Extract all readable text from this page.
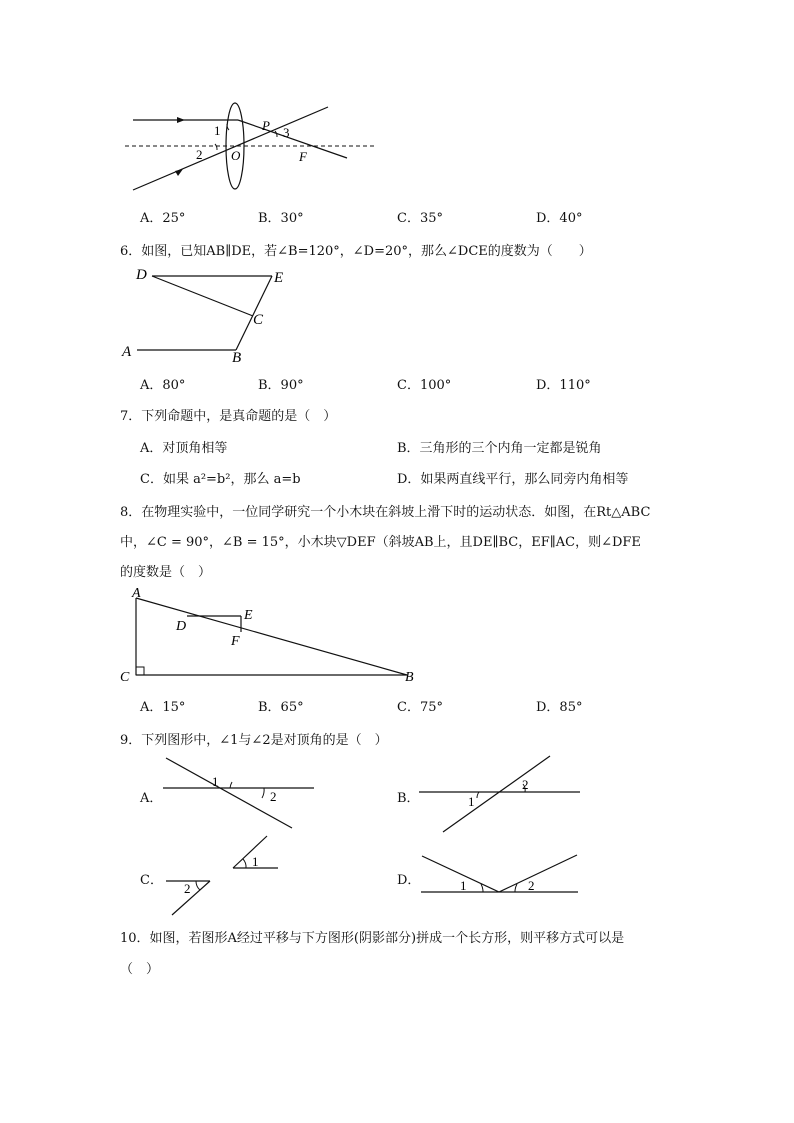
1
2
3
O
P
F
A．25°	B．30°	C．35°	D．40°
6．如图，已知AB∥DE，若∠B=120°，∠D=20°，那么∠DCE的度数为（　　）
D	E
C
A	B
A．80°	B．90°	C．100°	D．110°
7．下列命题中，是真命题的是（　）
A．对顶角相等	B．三角形的三个内角一定都是锐角
C．如果 a²=b²，那么 a=b	D．如果两直线平行，那么同旁内角相等
8．在物理实验中，一位同学研究一个小木块在斜坡上滑下时的运动状态．如图，在Rt△ABC
中，∠C = 90°，∠B = 15°，小木块▽DEF（斜坡AB上，且DE∥BC，EF∥AC，则∠DFE
的度数是（　）
A
C	B
D
E
F
A．15°	B．65°	C．75°	D．85°
9．下列图形中，∠1与∠2是对顶角的是（　）
A．
1
2	B．	1
2
C．
1
2
D．	1	2
10．如图，若图形A经过平移与下方图形(阴影部分)拼成一个长方形，则平移方式可以是
（　）
